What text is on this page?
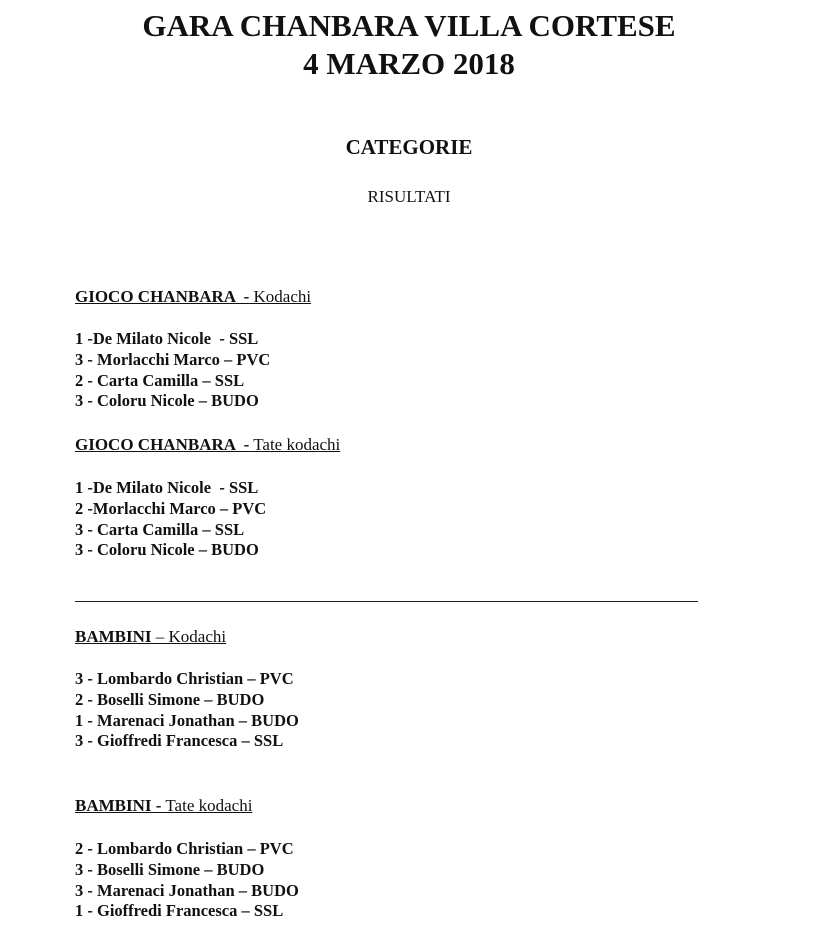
GARA CHANBARA VILLA CORTESE
4 MARZO 2018
CATEGORIE
RISULTATI
GIOCO CHANBARA  - Kodachi
1 -De Milato Nicole  - SSL
3 - Morlacchi Marco – PVC
2 - Carta Camilla – SSL
3 - Coloru Nicole – BUDO
GIOCO CHANBARA  - Tate kodachi
1 -De Milato Nicole  - SSL
2 -Morlacchi Marco – PVC
3 - Carta Camilla – SSL
3 - Coloru Nicole – BUDO
BAMBINI – Kodachi
3 - Lombardo Christian – PVC
2 - Boselli Simone – BUDO
1 - Marenaci Jonathan – BUDO
3 - Gioffredi Francesca – SSL
BAMBINI - Tate kodachi
2 - Lombardo Christian – PVC
3 - Boselli Simone – BUDO
3 - Marenaci Jonathan – BUDO
1 - Gioffredi Francesca – SSL
